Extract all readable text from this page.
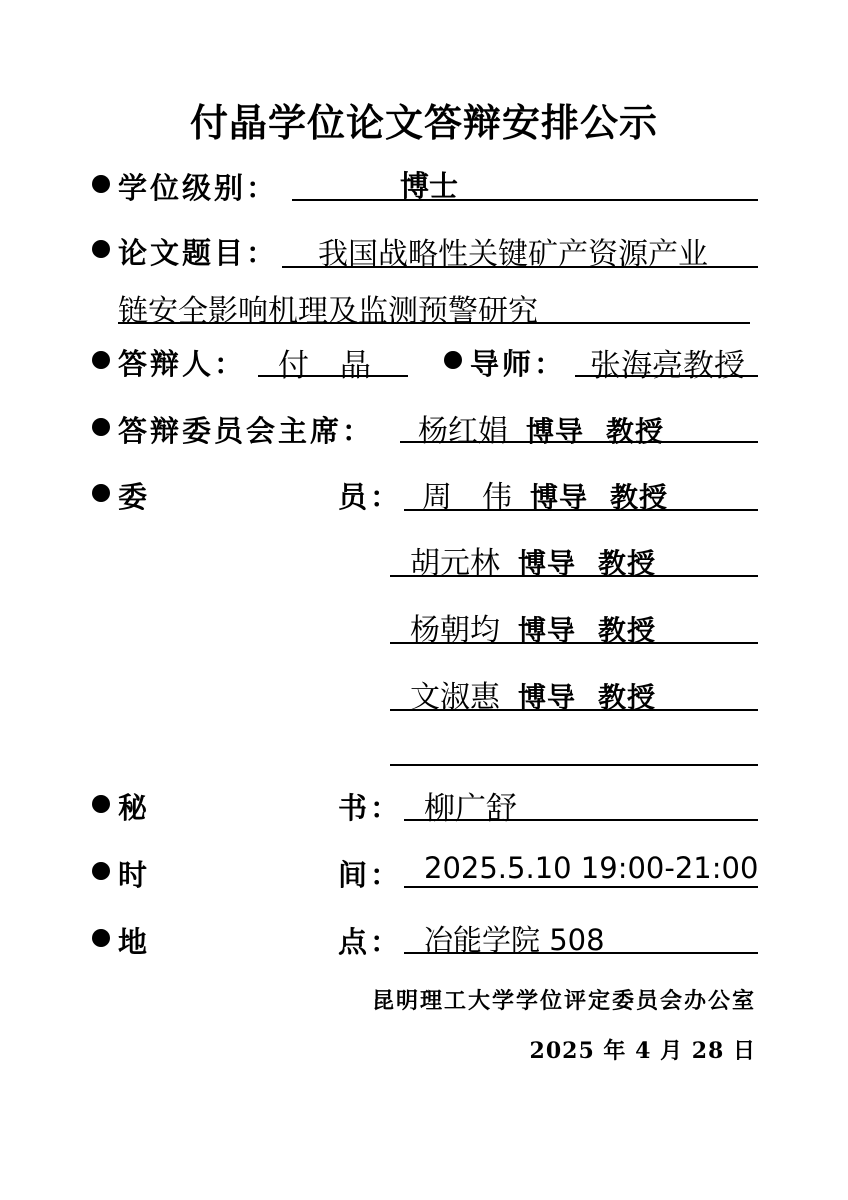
付晶学位论文答辩安排公示
学位级别：	博士
论文题目： 我国战略性关键矿产资源产业
链安全影响机理及监测预警研究
答辩人： 付　晶	导师： 张海亮教授
答辩委员会主席： 杨红娟 博导 教授
委	员： 周　伟 博导 教授
胡元林 博导 教授
杨朝均 博导 教授
文淑惠 博导 教授
秘	书： 柳广舒
时	间： 2025.5.10 19:00-21:00
地	点： 冶能学院 508
昆明理工大学学位评定委员会办公室
2025 年 4 月 28 日
